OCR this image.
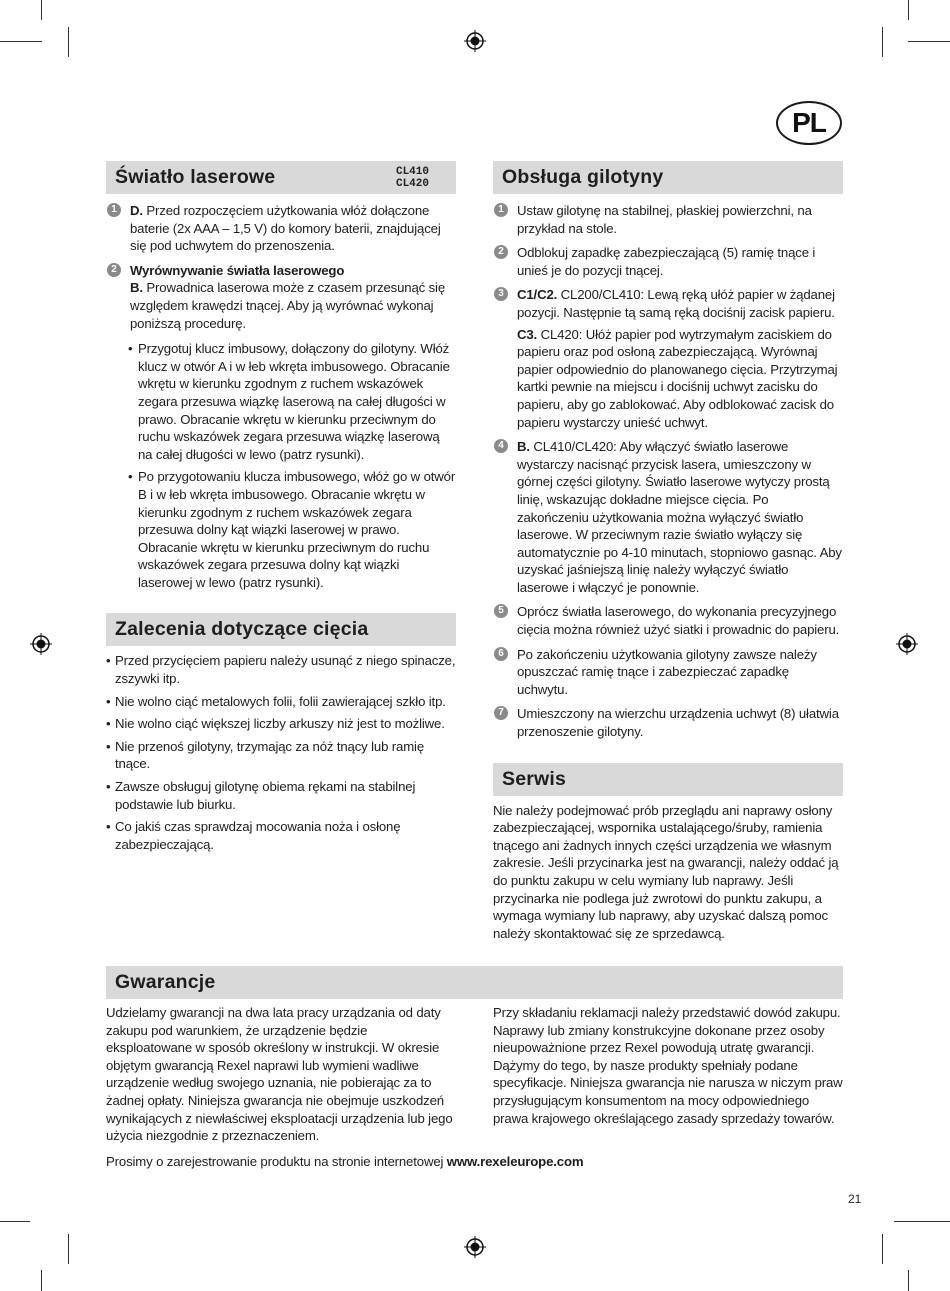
PL
Światło laserowe	CL410
CL420
1	D. Przed rozpoczęciem użytkowania włóż dołączone baterie (2x AAA – 1,5 V) do komory baterii, znajdującej się pod uchwytem do przenoszenia.

2	Wyrównywanie światła laserowego

B. Prowadnica laserowa może z czasem przesunąć się względem krawędzi tnącej. Aby ją wyrównać wykonaj poniższą procedurę.

• Przygotuj klucz imbusowy, dołączony do gilotyny. Włóż klucz w otwór A i w łeb wkręta imbusowego. Obracanie wkrętu w kierunku zgodnym z ruchem wskazówek zegara przesuwa wiązkę laserową na całej długości w prawo. Obracanie wkrętu w kierunku przeciwnym do ruchu wskazówek zegara przesuwa wiązkę laserową na całej długości w lewo (patrz rysunki).
• Po przygotowaniu klucza imbusowego, włóż go w otwór B i w łeb wkręta imbusowego. Obracanie wkrętu w kierunku zgodnym z ruchem wskazówek zegara przesuwa dolny kąt wiązki laserowej w prawo. Obracanie wkrętu w kierunku przeciwnym do ruchu wskazówek zegara przesuwa dolny kąt wiązki laserowej w lewo (patrz rysunki).
Zalecenia dotyczące cięcia
• Przed przycięciem papieru należy usunąć z niego spinacze, zszywki itp.
• Nie wolno ciąć metalowych folii, folii zawierającej szkło itp.
• Nie wolno ciąć większej liczby arkuszy niż jest to możliwe.
• Nie przenoś gilotyny, trzymając za nóż tnący lub ramię tnące.
• Zawsze obsługuj gilotynę obiema rękami na stabilnej podstawie lub biurku.
• Co jakiś czas sprawdzaj mocowania noża i osłonę zabezpieczającą.
Obsługa gilotyny
1	Ustaw gilotynę na stabilnej, płaskiej powierzchni, na przykład na stole.

2	Odblokuj zapadkę zabezpieczającą (5) ramię tnące i unieś je do pozycji tnącej.

3	C1/C2. CL200/CL410: Lewą ręką ułóż papier w żądanej pozycji. Następnie tą samą ręką dociśnij zacisk papieru.

C3. CL420: Ułóż papier pod wytrzymałym zaciskiem do papieru oraz pod osłoną zabezpieczającą. Wyrównaj papier odpowiednio do planowanego cięcia. Przytrzymaj kartki pewnie na miejscu i dociśnij uchwyt zacisku do papieru, aby go zablokować. Aby odblokować zacisk do papieru wystarczy unieść uchwyt.

4	B. CL410/CL420: Aby włączyć światło laserowe wystarczy nacisnąć przycisk lasera, umieszczony w górnej części gilotyny. Światło laserowe wytyczy prostą linię, wskazując dokładne miejsce cięcia. Po zakończeniu użytkowania można wyłączyć światło laserowe. W przeciwnym razie światło wyłączy się automatycznie po 4-10 minutach, stopniowo gasnąc. Aby uzyskać jaśniejszą linię należy wyłączyć światło laserowe i włączyć je ponownie.

5	Oprócz światła laserowego, do wykonania precyzyjnego cięcia można również użyć siatki i prowadnic do papieru.

6	Po zakończeniu użytkowania gilotyny zawsze należy opuszczać ramię tnące i zabezpieczać zapadkę uchwytu.

7	Umieszczony na wierzchu urządzenia uchwyt (8) ułatwia przenoszenie gilotyny.

Serwis
Nie należy podejmować prób przeglądu ani naprawy osłony zabezpieczającej, wspornika ustalającego/śruby, ramienia tnącego ani żadnych innych części urządzenia we własnym zakresie. Jeśli przycinarka jest na gwarancji, należy oddać ją do punktu zakupu w celu wymiany lub naprawy. Jeśli przycinarka nie podlega już zwrotowi do punktu zakupu, a wymaga wymiany lub naprawy, aby uzyskać dalszą pomoc należy skontaktować się ze sprzedawcą.
Gwarancje
Udzielamy gwarancji na dwa lata pracy urządzania od daty zakupu pod warunkiem, że urządzenie będzie eksploatowane w sposób określony w instrukcji. W okresie objętym gwarancją Rexel naprawi lub wymieni wadliwe urządzenie według swojego uznania, nie pobierając za to żadnej opłaty. Niniejsza gwarancja nie obejmuje uszkodzeń wynikających z niewłaściwej eksploatacji urządzenia lub jego użycia niezgodnie z przeznaczeniem.
Przy składaniu reklamacji należy przedstawić dowód zakupu. Naprawy lub zmiany konstrukcyjne dokonane przez osoby nieupoważnione przez Rexel powodują utratę gwarancji. Dążymy do tego, by nasze produkty spełniały podane specyfikacje. Niniejsza gwarancja nie narusza w niczym praw przysługującym konsumentom na mocy odpowiedniego prawa krajowego określającego zasady sprzedaży towarów.
Prosimy o zarejestrowanie produktu na stronie internetowej www.rexeleurope.com
21
